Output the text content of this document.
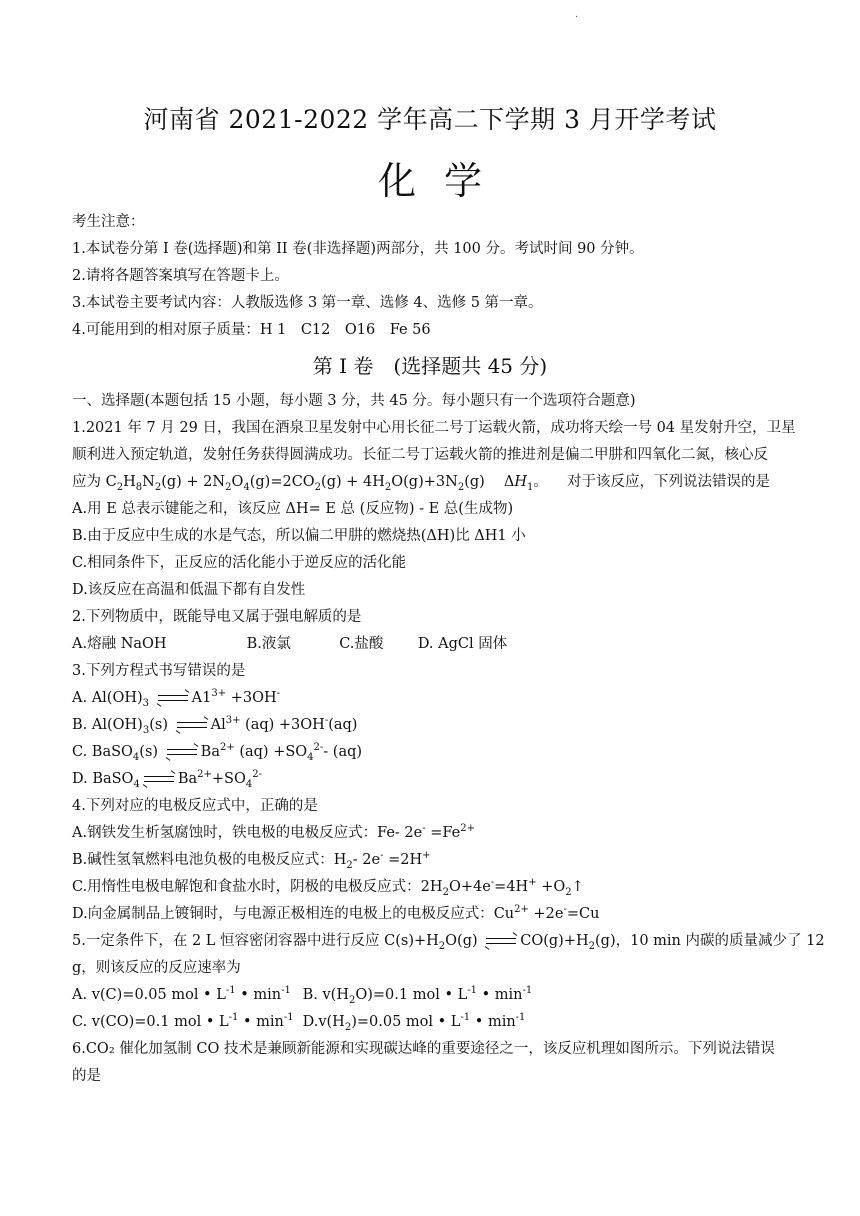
·
河南省 2021-2022 学年高二下学期 3 月开学考试
化学
考生注意：
1.本试卷分第 I 卷(选择题)和第 II 卷(非选择题)两部分，共 100 分。考试时间 90 分钟。
2.请将各题答案填写在答题卡上。
3.本试卷主要考试内容：人教版选修 3 第一章、选修 4、选修 5 第一章。
4.可能用到的相对原子质量：H 1　C12　O16　Fe 56
第 I 卷　(选择题共 45 分)
一、选择题(本题包括 15 小题，每小题 3 分，共 45 分。每小题只有一个选项符合题意)
1.2021 年 7 月 29 日，我国在酒泉卫星发射中心用长征二号丁运载火箭，成功将天绘一号 04 星发射升空，卫星
顺利进入预定轨道，发射任务获得圆满成功。长征二号丁运载火箭的推进剂是偏二甲肼和四氧化二氮，核心反
应为 $C_2H_8N_2(g) + 2N_2O_4(g)=2CO_2(g) + 4H_2O(g)+3N_2(g)$　 $\Delta H_1$。 　对于该反应，下列说法错误的是
A.用 E 总表示键能之和，该反应 ΔH= E 总 (反应物) - E 总(生成物)
B.由于反应中生成的水是气态，所以偏二甲肼的燃烧热(ΔH)比 ΔH1 小
C.相同条件下，正反应的活化能小于逆反应的活化能
D.该反应在高温和低温下都有自发性
2.下列物质中，既能导电又属于强电解质的是
A.熔融 NaOH	B.液氯	C.盐酸 D. AgCl 固体
3.下列方程式书写错误的是
A. $Al(OH)_3$	$A1^{3+} +3OH^-$
B. $Al(OH)_3(s)$	$Al^{3+}$ (aq) +3OH-(aq)
C. BaSO$_4$(s)	$Ba^{2+}$ $(aq) +SO_4^{2-}-$ (aq)
D. BaSO$_4$	$Ba^{2+}+SO_4^{2-}$
4.下列对应的电极反应式中，正确的是
A.钢铁发生析氢腐蚀时，铁电极的电极反应式：Fe- $2e^- =Fe^{2+}$
B.碱性氢氧燃料电池负极的电极反应式：$H_2-$ 2e- =2H+
C.用惰性电极电解饱和食盐水时，阴极的电极反应式：$2H_2O+4e^-=4H^+$ $+O_2↑$
D.向金属制品上镀铜时，与电源正极相连的电极上的电极反应式：$Cu^{2+} +2e^-=Cu$
5.一定条件下，在 2 L 恒容密闭容器中进行反应 $C(s)+H_2O(g)$	$CO(g)+H_2(g)$，10 min 内碳的质量减少了 12
g，则该反应的反应速率为
A. v(C)=0.05 mol • $L^{-1}$ • $\min^{-1} B$. $v(H_2O)=0.1$ mol • $L^{-1}$ • $\min^{-1}$
C. v(CO)=0.1 mol • $L^{-1}$ • $\min^{-1} D.v(H_2)=0.05$ mol • $L^{-1}$ • $\min^{-1}$
6.CO₂ 催化加氢制 CO 技术是兼顾新能源和实现碳达峰的重要途径之一，该反应机理如图所示。下列说法错误
的是
